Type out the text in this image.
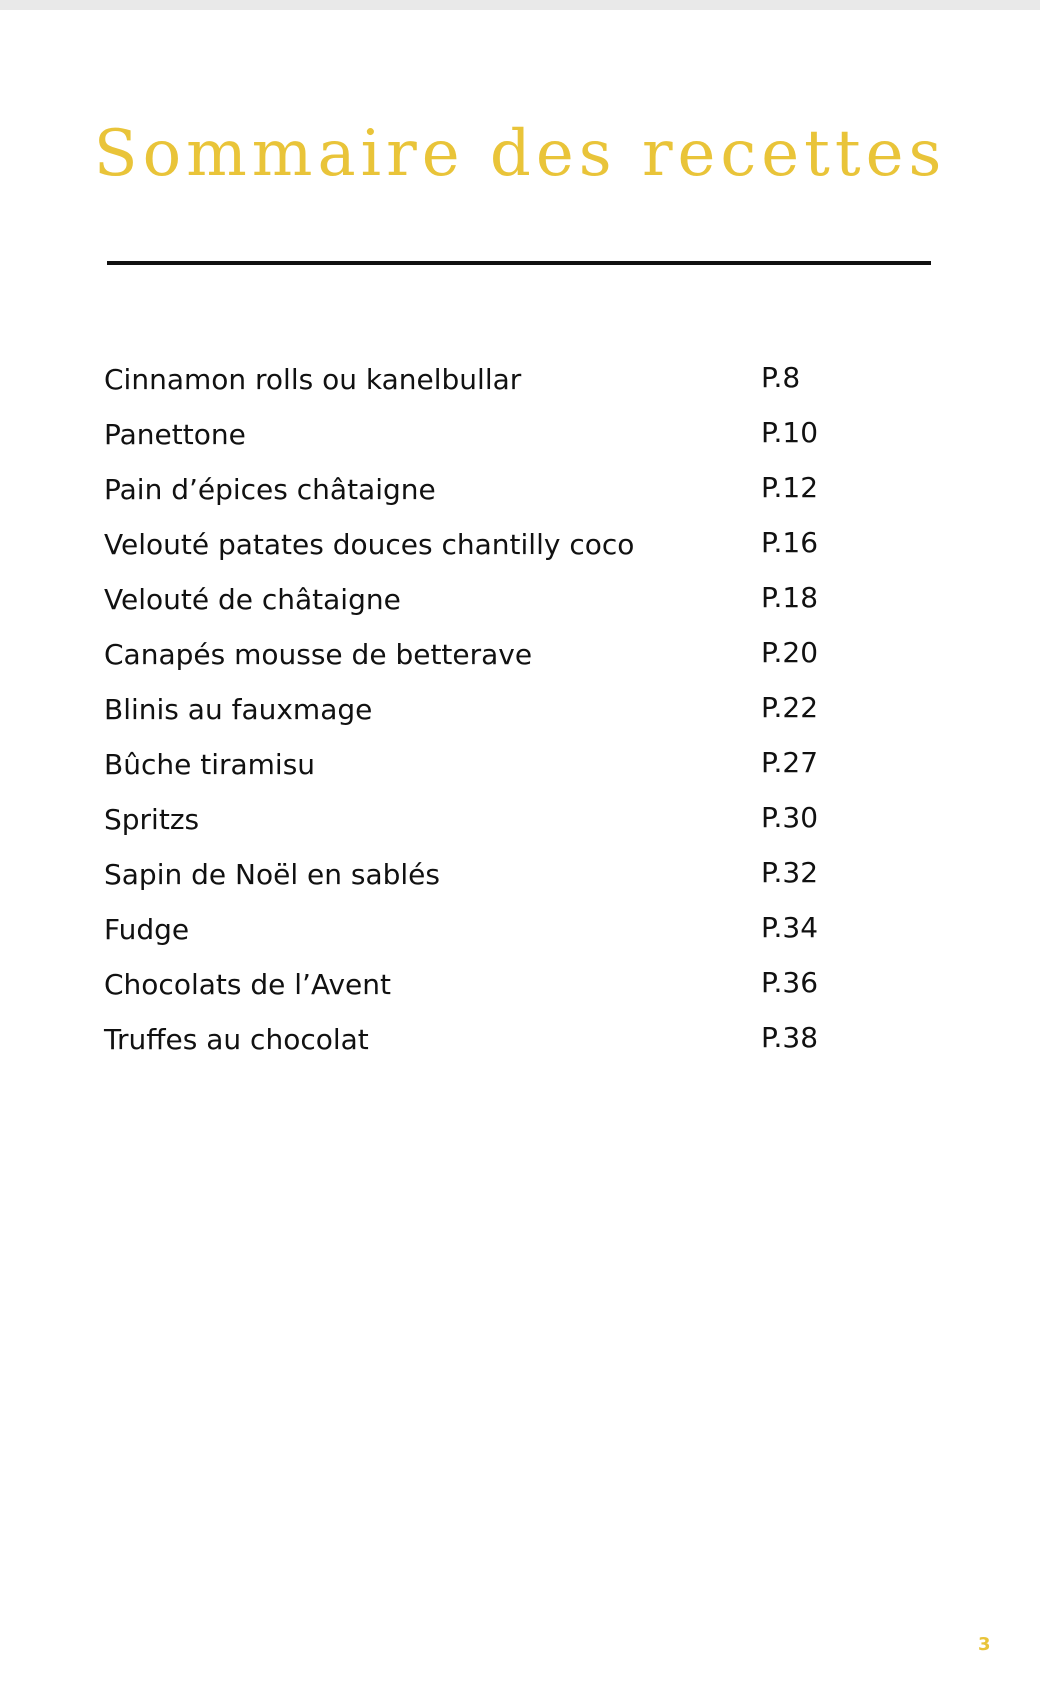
Sommaire des recettes
Cinnamon rolls ou kanelbullar	P.8
Panettone	P.10
Pain d’épices châtaigne	P.12
Velouté patates douces chantilly coco	P.16
Velouté de châtaigne	P.18
Canapés mousse de betterave	P.20
Blinis au fauxmage	P.22
Bûche tiramisu	P.27
Spritzs	P.30
Sapin de Noël en sablés	P.32
Fudge	P.34
Chocolats de l’Avent	P.36
Truffes au chocolat	P.38
3
